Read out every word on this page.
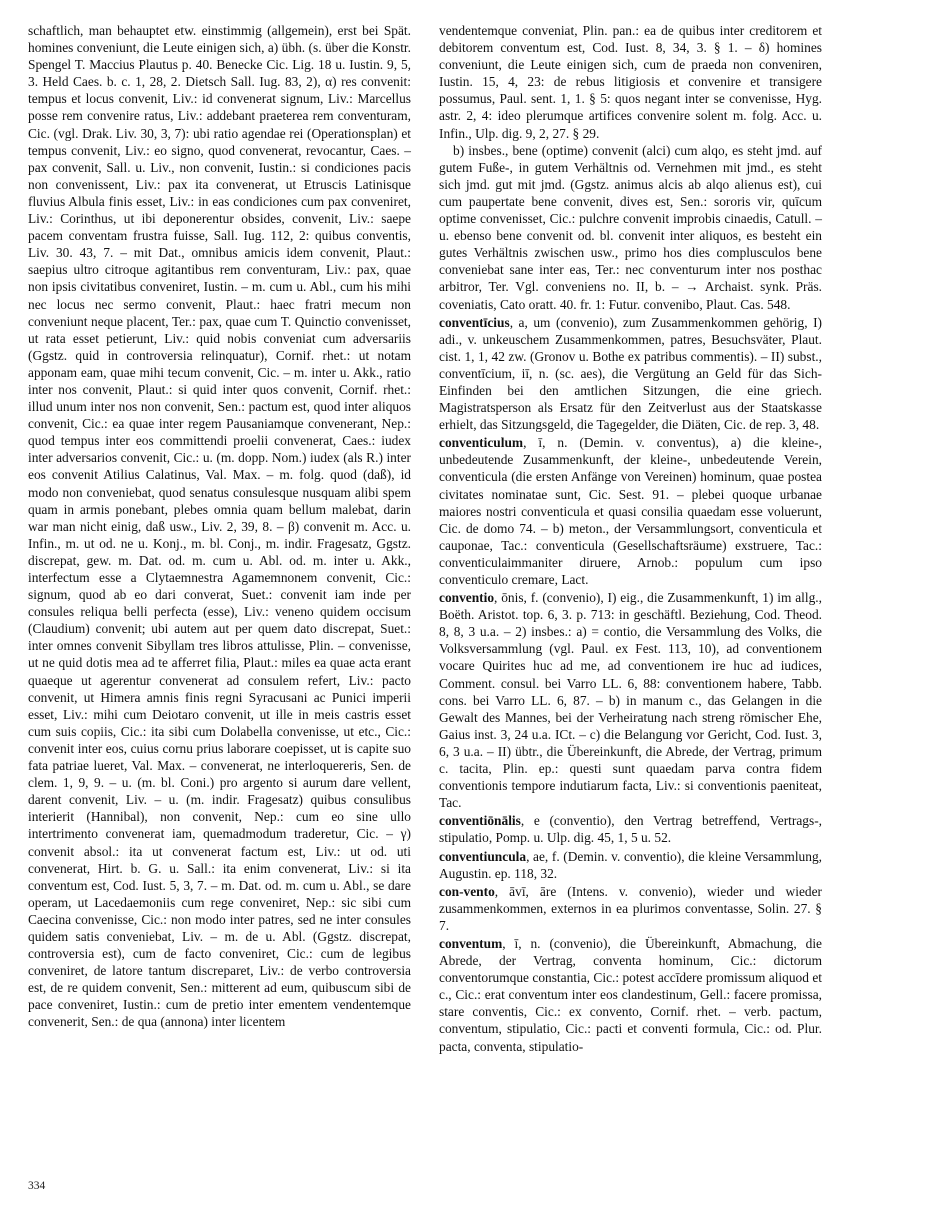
schaftlich, man behauptet etw. einstimmig (allgemein), erst bei Spät. homines conveniunt, die Leute einigen sich, a) übh. (s. über die Konstr. Spengel T. Maccius Plautus p. 40. Benecke Cic. Lig. 18 u. Iustin. 9, 5, 3. Held Caes. b. c. 1, 28, 2. Dietsch Sall. Iug. 83, 2), α) res convenit: tempus et locus convenit, Liv.: id convenerat signum, Liv.: Marcellus posse rem convenire ratus, Liv.: addebant praeterea rem conventuram, Cic. (vgl. Drak. Liv. 30, 3, 7): ubi ratio agendae rei (Operationsplan) et tempus convenit, Liv.: eo signo, quod convenerat, revocantur, Caes. – pax convenit, Sall. u. Liv., non convenit, Iustin.: si condiciones pacis non convenissent, Liv.: pax ita convenerat, ut Etruscis Latinisque fluvius Albula finis esset, Liv.: in eas condiciones cum pax conveniret, Liv.: Corinthus, ut ibi deponerentur obsides, convenit, Liv.: saepe pacem conventam frustra fuisse, Sall. Iug. 112, 2: quibus conventis, Liv. 30. 43, 7. – mit Dat., omnibus amicis idem convenit, Plaut.: saepius ultro citroque agitantibus rem conventuram, Liv.: pax, quae non ipsis civitatibus conveniret, Iustin. – m. cum u. Abl., cum his mihi nec locus nec sermo convenit, Plaut.: haec fratri mecum non conveniunt neque placent, Ter.: pax, quae cum T. Quinctio convenisset, ut rata esset petierunt, Liv.: quid nobis conveniat cum adversariis (Ggstz. quid in controversia relinquatur), Cornif. rhet.: ut notam apponam eam, quae mihi tecum convenit, Cic. – m. inter u. Akk., ratio inter nos convenit, Plaut.: si quid inter quos convenit, Cornif. rhet.: illud unum inter nos non convenit, Sen.: pactum est, quod inter aliquos convenit, Cic.: ea quae inter regem Pausaniamque convenerant, Nep.: quod tempus inter eos committendi proelii convenerat, Caes.: iudex inter adversarios convenit, Cic.: u. (m. dopp. Nom.) iudex (als R.) inter eos convenit Atilius Calatinus, Val. Max. – m. folg. quod (daß), id modo non conveniebat, quod senatus consulesque nusquam alibi spem quam in armis ponebant, plebes omnia quam bellum malebat, darin war man nicht einig, daß usw., Liv. 2, 39, 8. – β) convenit m. Acc. u. Infin., m. ut od. ne u. Konj., m. bl. Conj., m. indir. Fragesatz, Ggstz. discrepat, gew. m. Dat. od. m. cum u. Abl. od. m. inter u. Akk., interfectum esse a Clytaemnestra Agamemnonem convenit, Cic.: signum, quod ab eo dari converat, Suet.: convenit iam inde per consules reliqua belli perfecta (esse), Liv.: veneno quidem occisum (Claudium) convenit; ubi autem aut per quem dato discrepat, Suet.: inter omnes convenit Sibyllam tres libros attulisse, Plin. – convenisse, ut ne quid dotis mea ad te afferret filia, Plaut.: miles ea quae acta erant quaeque ut agerentur convenerat ad consulem refert, Liv.: pacto convenit, ut Himera amnis finis regni Syracusani ac Punici imperii esset, Liv.: mihi cum Deiotaro convenit, ut ille in meis castris esset cum suis copiis, Cic.: ita sibi cum Dolabella convenisse, ut etc., Cic.: convenit inter eos, cuius cornu prius laborare coepisset, ut is capite suo fata patriae lueret, Val. Max. – convenerat, ne interloquereris, Sen. de clem. 1, 9, 9. – u. (m. bl. Coni.) pro argento si aurum dare vellent, darent convenit, Liv. – u. (m. indir. Fragesatz) quibus consulibus interierit (Hannibal), non convenit, Nep.: cum eo sine ullo intertrimento convenerat iam, quemadmodum traderetur, Cic. – γ) convenit absol.: ita ut convenerat factum est, Liv.: ut od. uti convenerat, Hirt. b. G. u. Sall.: ita enim convenerat, Liv.: si ita conventum est, Cod. Iust. 5, 3, 7. – m. Dat. od. m. cum u. Abl., se dare operam, ut Lacedaemoniis cum rege conveniret, Nep.: sic sibi cum Caecina convenisse, Cic.: non modo inter patres, sed ne inter consules quidem satis conveniebat, Liv. – m. de u. Abl. (Ggstz. discrepat, controversia est), cum de facto conveniret, Cic.: cum de legibus conveniret, de latore tantum discreparet, Liv.: de verbo controversia est, de re quidem convenit, Sen.: mitterent ad eum, quibuscum sibi de pace conveniret, Iustin.: cum de pretio inter ementem vendentemque convenerit, Sen.: de qua (annona) inter licentem

vendentemque conveniat, Plin. pan.: ea de quibus inter creditorem et debitorem conventum est, Cod. Iust. 8, 34, 3. § 1. – δ) homines conveniunt, die Leute einigen sich, cum de praeda non conveniren, Iustin. 15, 4, 23: de rebus litigiosis et convenire et transigere possumus, Paul. sent. 1, 1. § 5: quos negant inter se convenisse, Hyg. astr. 2, 4: ideo plerumque artifices convenire solent m. folg. Acc. u. Infin., Ulp. dig. 9, 2, 27. § 29.

b) insbes., bene (optime) convenit (alci) cum alqo, es steht jmd. auf gutem Fuße-, in gutem Verhältnis od. Vernehmen mit jmd., es steht sich jmd. gut mit jmd. (Ggstz. animus alcis ab alqo alienus est), cui cum paupertate bene convenit, dives est, Sen.: sororis vir, quīcum optime convenisset, Cic.: pulchre convenit improbis cinaedis, Catull. – u. ebenso bene convenit od. bl. convenit inter aliquos, es besteht ein gutes Verhältnis zwischen usw., primo hos dies complusculos bene conveniebat sane inter eas, Ter.: nec conventurum inter nos posthac arbitror, Ter. Vgl. conveniens no. II, b. – → Archaist. synk. Präs. coveniatis, Cato oratt. 40. fr. 1: Futur. convenibo, Plaut. Cas. 548.

conventīcius, a, um (convenio), zum Zusammenkommen gehörig, I) adi., v. unkeuschem Zusammenkommen, patres, Besuchsväter, Plaut. cist. 1, 1, 42 zw. (Gronov u. Bothe ex patribus commentis). – II) subst., conventīcium, iī, n. (sc. aes), die Vergütung an Geld für das Sich-Einfinden bei den amtlichen Sitzungen, die eine griech. Magistratsperson als Ersatz für den Zeitverlust aus der Staatskasse erhielt, das Sitzungsgeld, die Tagegelder, die Diäten, Cic. de rep. 3, 48.

conventiculum, ī, n. (Demin. v. conventus), a) die kleine-, unbedeutende Zusammenkunft, der kleine-, unbedeutende Verein, conventicula (die ersten Anfänge von Vereinen) hominum, quae postea civitates nominatae sunt, Cic. Sest. 91. – plebei quoque urbanae maiores nostri conventicula et quasi consilia quaedam esse voluerunt, Cic. de domo 74. – b) meton., der Versammlungsort, conventicula et cauponae, Tac.: conventicula (Gesellschaftsräume) exstruere, Tac.: conventiculaimmaniter diruere, Arnob.: populum cum ipso conventiculo cremare, Lact.

conventio, ōnis, f. (convenio), I) eig., die Zusammenkunft, 1) im allg., Boëth. Aristot. top. 6, 3. p. 713: in geschäftl. Beziehung, Cod. Theod. 8, 8, 3 u.a. – 2) insbes.: a) = contio, die Versammlung des Volks, die Volksversammlung (vgl. Paul. ex Fest. 113, 10), ad conventionem vocare Quirites huc ad me, ad conventionem ire huc ad iudices, Comment. consul. bei Varro LL. 6, 88: conventionem habere, Tabb. cons. bei Varro LL. 6, 87. – b) in manum c., das Gelangen in die Gewalt des Mannes, bei der Verheiratung nach streng römischer Ehe, Gaius inst. 3, 24 u.a. ICt. – c) die Belangung vor Gericht, Cod. Iust. 3, 6, 3 u.a. – II) übtr., die Übereinkunft, die Abrede, der Vertrag, primum c. tacita, Plin. ep.: questi sunt quaedam parva contra fidem conventionis tempore indutiarum facta, Liv.: si conventionis paeniteat, Tac.

conventiōnālis, e (conventio), den Vertrag betreffend, Vertrags-, stipulatio, Pomp. u. Ulp. dig. 45, 1, 5 u. 52.

conventiuncula, ae, f. (Demin. v. conventio), die kleine Versammlung, Augustin. ep. 118, 32.

con-vento, āvī, āre (Intens. v. convenio), wieder und wieder zusammenkommen, externos in ea plurimos conventasse, Solin. 27. § 7.

conventum, ī, n. (convenio), die Übereinkunft, Abmachung, die Abrede, der Vertrag, conventa hominum, Cic.: dictorum conventorumque constantia, Cic.: potest accīdere promissum aliquod et c., Cic.: erat conventum inter eos clandestinum, Gell.: facere promissa, stare conventis, Cic.: ex convento, Cornif. rhet. – verb. pactum, conventum, stipulatio, Cic.: pacti et conventi formula, Cic.: od. Plur. pacta, conventa, stipulatio-

334
